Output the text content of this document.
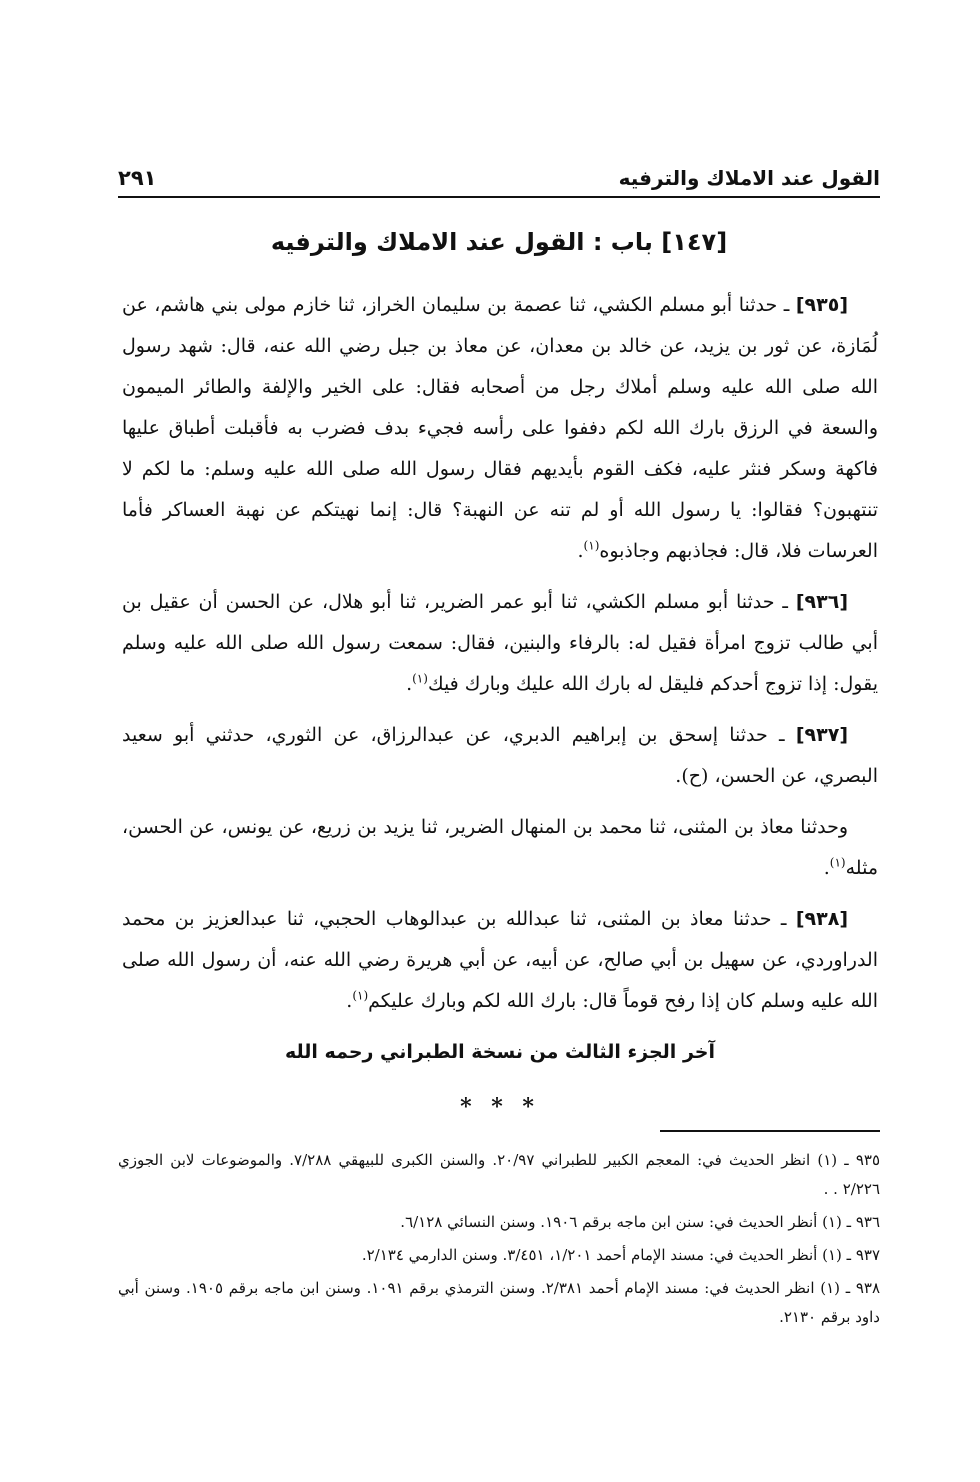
القول عند الاملاك والترفيه
٢٩١
[١٤٧] باب : القول عند الاملاك والترفيه

[٩٣٥] ـ حدثنا أبو مسلم الكشي، ثنا عصمة بن سليمان الخراز، ثنا خازم مولى بني هاشم، عن لُمَازة، عن ثور بن يزيد، عن خالد بن معدان، عن معاذ بن جبل رضي الله عنه، قال: شهد رسول الله صلى الله عليه وسلم أملاك رجل من أصحابه فقال: على الخير والإلفة والطائر الميمون والسعة في الرزق بارك الله لكم دففوا على رأسه فجيء بدف فضرب به فأقبلت أطباق عليها فاكهة وسكر فنثر عليه، فكف القوم بأيديهم فقال رسول الله صلى الله عليه وسلم: ما لكم لا تنتهبون؟ فقالوا: يا رسول الله أو لم تنه عن النهبة؟ قال: إنما نهيتكم عن نهبة العساكر فأما العرسات فلا، قال: فجاذبهم وجاذبوه$^{(١)}$.

[٩٣٦] ـ حدثنا أبو مسلم الكشي، ثنا أبو عمر الضرير، ثنا أبو هلال، عن الحسن أن عقيل بن أبي طالب تزوج امرأة فقيل له: بالرفاء والبنين، فقال: سمعت رسول الله صلى الله عليه وسلم يقول: إذا تزوج أحدكم فليقل له بارك الله عليك وبارك فيك$^{(١)}$.

[٩٣٧] ـ حدثنا إسحق بن إبراهيم الدبري، عن عبدالرزاق، عن الثوري، حدثني أبو سعيد البصري، عن الحسن، (ح).

وحدثنا معاذ بن المثنى، ثنا محمد بن المنهال الضرير، ثنا يزيد بن زريع، عن يونس، عن الحسن، مثله$^{(١)}$.

[٩٣٨] ـ حدثنا معاذ بن المثنى، ثنا عبدالله بن عبدالوهاب الحجبي، ثنا عبدالعزيز بن محمد الدراوردي، عن سهيل بن أبي صالح، عن أبيه، عن أبي هريرة رضي الله عنه، أن رسول الله صلى الله عليه وسلم كان إذا رفح قوماً قال: بارك الله لكم وبارك عليكم$^{(١)}$.

آخر الجزء الثالث من نسخة الطبراني رحمه الله
* * *

٩٣٥ ـ (١) انظر الحديث في: المعجم الكبير للطبراني ٢٠/٩٧. والسنن الكبرى للبيهقي ٧/٢٨٨. والموضوعات لابن الجوزي ٢/٢٢٦ . .

٩٣٦ ـ (١) أنظر الحديث في: سنن ابن ماجه برقم ١٩٠٦. وسنن النسائي ٦/١٢٨.

٩٣٧ ـ (١) أنظر الحديث في: مسند الإمام أحمد ١/٢٠١، ٣/٤٥١. وسنن الدارمي ٢/١٣٤.

٩٣٨ ـ (١) انظر الحديث في: مسند الإمام أحمد ٢/٣٨١. وسنن الترمذي برقم ١٠٩١. وسنن ابن ماجه برقم ١٩٠٥. وسنن أبي داود برقم ٢١٣٠.
